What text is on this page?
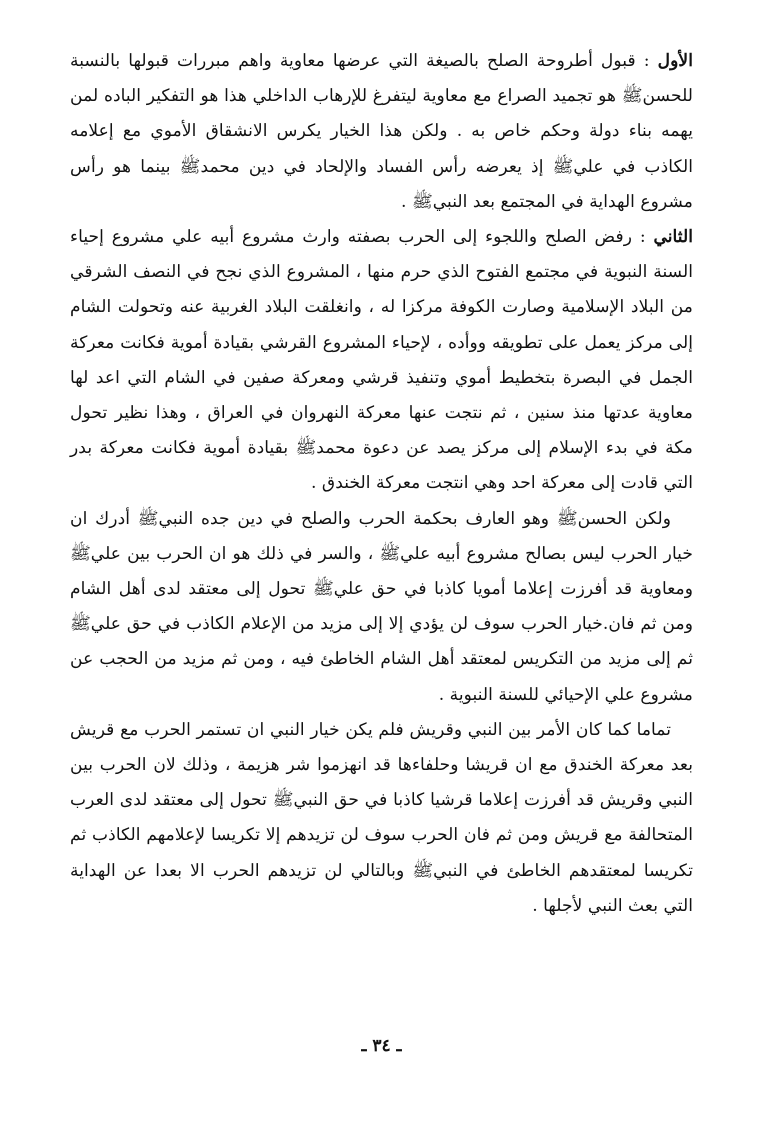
الأول : قبول أطروحة الصلح بالصيغة التي عرضها معاوية واهم مبررات قبولها بالنسبة للحسنﷺ هو تجميد الصراع مع معاوية ليتفرغ للإرهاب الداخلي هذا هو التفكير الباده لمن يهمه بناء دولة وحكم خاص به . ولكن هذا الخيار يكرس الانشقاق الأموي مع إعلامه الكاذب في عليﷺ إذ يعرضه رأس الفساد والإلحاد في دين محمدﷺ بينما هو رأس مشروع الهداية في المجتمع بعد النبيﷺ .

الثاني : رفض الصلح واللجوء إلى الحرب بصفته وارث مشروع أبيه علي مشروع إحياء السنة النبوية في مجتمع الفتوح الذي حرم منها ، المشروع الذي نجح في النصف الشرقي من البلاد الإسلامية وصارت الكوفة مركزا له ، وانغلقت البلاد الغربية عنه وتحولت الشام إلى مركز يعمل على تطويقه ووأده ، لإحياء المشروع القرشي بقيادة أموية فكانت معركة الجمل في البصرة بتخطيط أموي وتنفيذ قرشي ومعركة صفين في الشام التي اعد لها معاوية عدتها منذ سنين ، ثم نتجت عنها معركة النهروان في العراق ، وهذا نظير تحول مكة في بدء الإسلام إلى مركز يصد عن دعوة محمدﷺ بقيادة أموية فكانت معركة بدر التي قادت إلى معركة احد وهي انتجت معركة الخندق .

ولكن الحسنﷺ وهو العارف بحكمة الحرب والصلح في دين جده النبيﷺ أدرك ان خيار الحرب ليس بصالح مشروع أبيه عليﷺ ، والسر في ذلك هو ان الحرب بين عليﷺ ومعاوية قد أفرزت إعلاما أمويا كاذبا في حق عليﷺ تحول إلى معتقد لدى أهل الشام ومن ثم فان.خيار الحرب سوف لن يؤدي إلا إلى مزيد من الإعلام الكاذب في حق عليﷺ ثم إلى مزيد من التكريس لمعتقد أهل الشام الخاطئ فيه ، ومن ثم مزيد من الحجب عن مشروع علي الإحيائي للسنة النبوية .

تماما كما كان الأمر بين النبي وقريش فلم يكن خيار النبي ان تستمر الحرب مع قريش بعد معركة الخندق مع ان قريشا وحلفاءها قد انهزموا شر هزيمة ، وذلك لان الحرب بين النبي وقريش قد أفرزت إعلاما قرشيا كاذبا في حق النبيﷺ تحول إلى معتقد لدى العرب المتحالفة مع قريش ومن ثم فان الحرب سوف لن تزيدهم إلا تكريسا لإعلامهم الكاذب ثم تكريسا لمعتقدهم الخاطئ في النبيﷺ وبالتالي لن تزيدهم الحرب الا بعدا عن الهداية التي بعث النبي لأجلها .

ـ ٣٤ ـ
